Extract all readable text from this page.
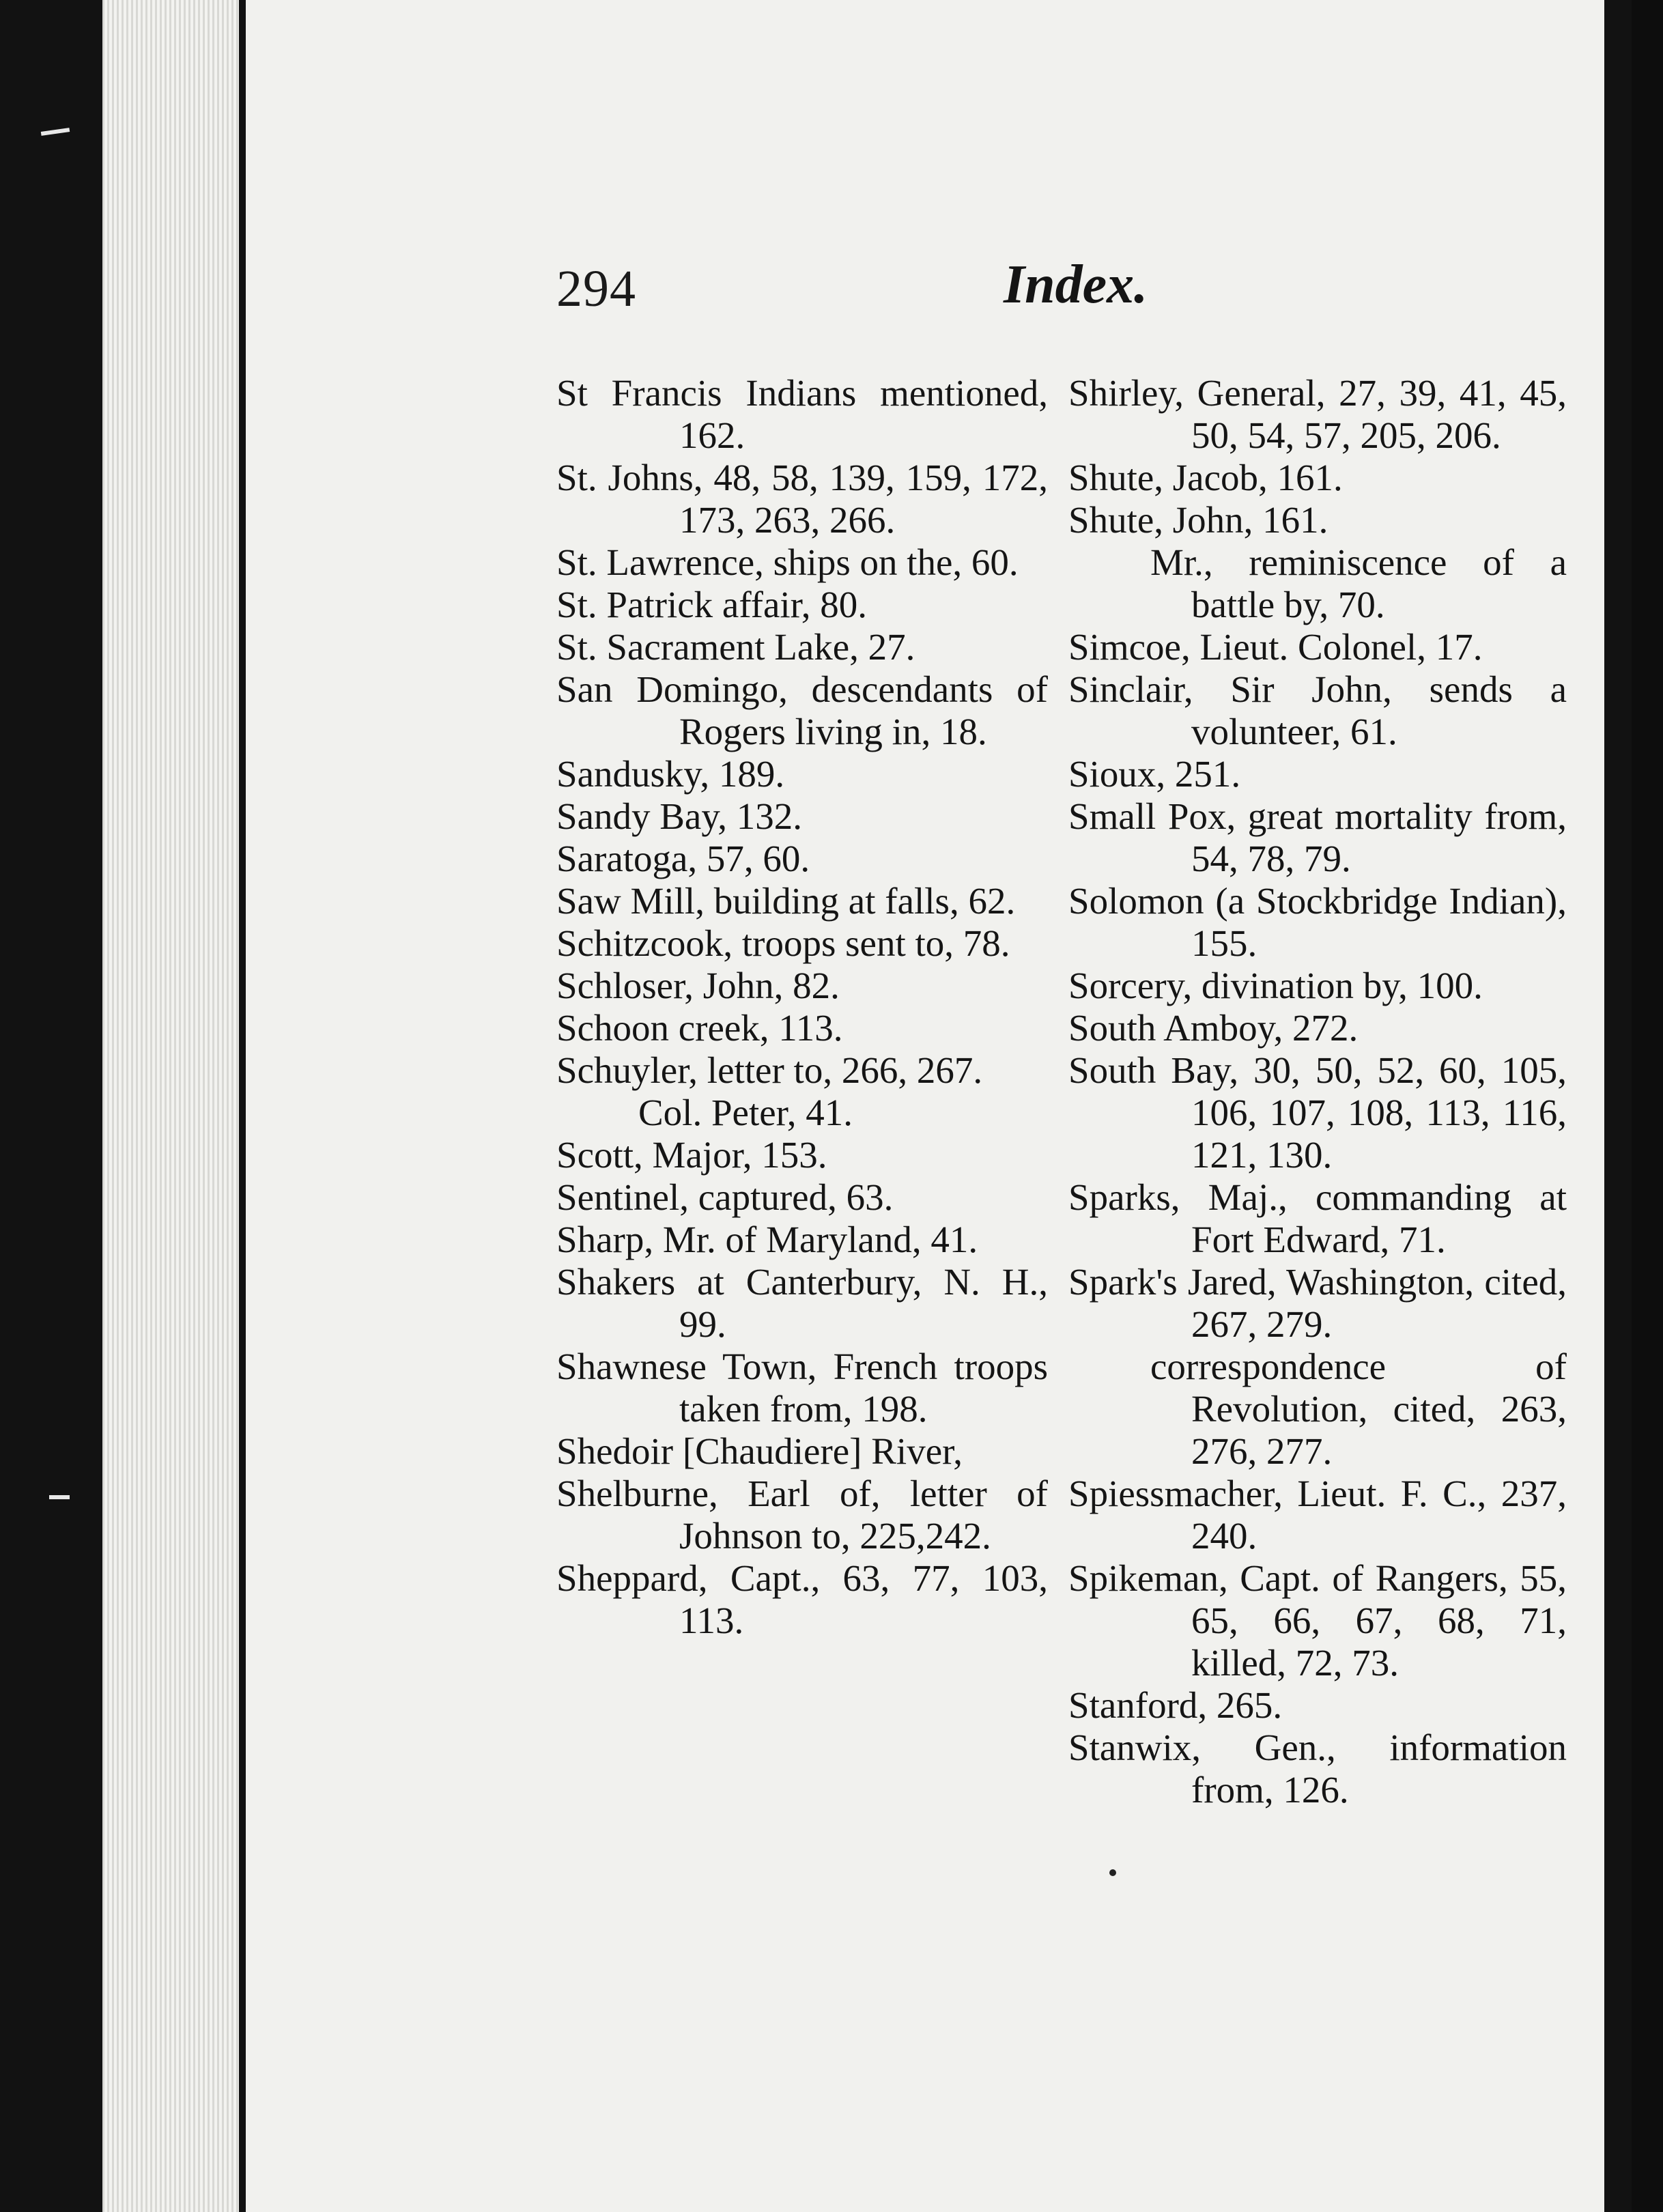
294	Index.

St Francis Indians mentioned, 162.

St. Johns, 48, 58, 139, 159, 172, 173, 263, 266.

St. Lawrence, ships on the, 60.

St. Patrick affair, 80.

St. Sacrament Lake, 27.

San Domingo, descendants of Rogers living in, 18.

Sandusky, 189.

Sandy Bay, 132.

Saratoga, 57, 60.

Saw Mill, building at falls, 62.

Schitzcook, troops sent to, 78.

Schloser, John, 82.

Schoon creek, 113.

Schuyler, letter to, 266, 267.

Col. Peter, 41.

Scott, Major, 153.

Sentinel, captured, 63.

Sharp, Mr. of Maryland, 41.

Shakers at Canterbury, N. H., 99.

Shawnese Town, French troops taken from, 198.

Shedoir [Chaudiere] River,

Shelburne, Earl of, letter of Johnson to, 225,242.

Sheppard, Capt., 63, 77, 103, 113.

Shirley, General, 27, 39, 41, 45, 50, 54, 57, 205, 206.

Shute, Jacob, 161.

Shute, John, 161.

Mr., reminiscence of a battle by, 70.

Simcoe, Lieut. Colonel, 17.

Sinclair, Sir John, sends a volunteer, 61.

Sioux, 251.

Small Pox, great mortality from, 54, 78, 79.

Solomon (a Stockbridge Indian), 155.

Sorcery, divination by, 100.

South Amboy, 272.

South Bay, 30, 50, 52, 60, 105, 106, 107, 108, 113, 116, 121, 130.

Sparks, Maj., commanding at Fort Edward, 71.

Spark's Jared, Washington, cited, 267, 279.

correspondence of Revolution, cited, 263, 276, 277.

Spiessmacher, Lieut. F. C., 237, 240.

Spikeman, Capt. of Rangers, 55, 65, 66, 67, 68, 71, killed, 72, 73.

Stanford, 265.

Stanwix, Gen., information from, 126.
